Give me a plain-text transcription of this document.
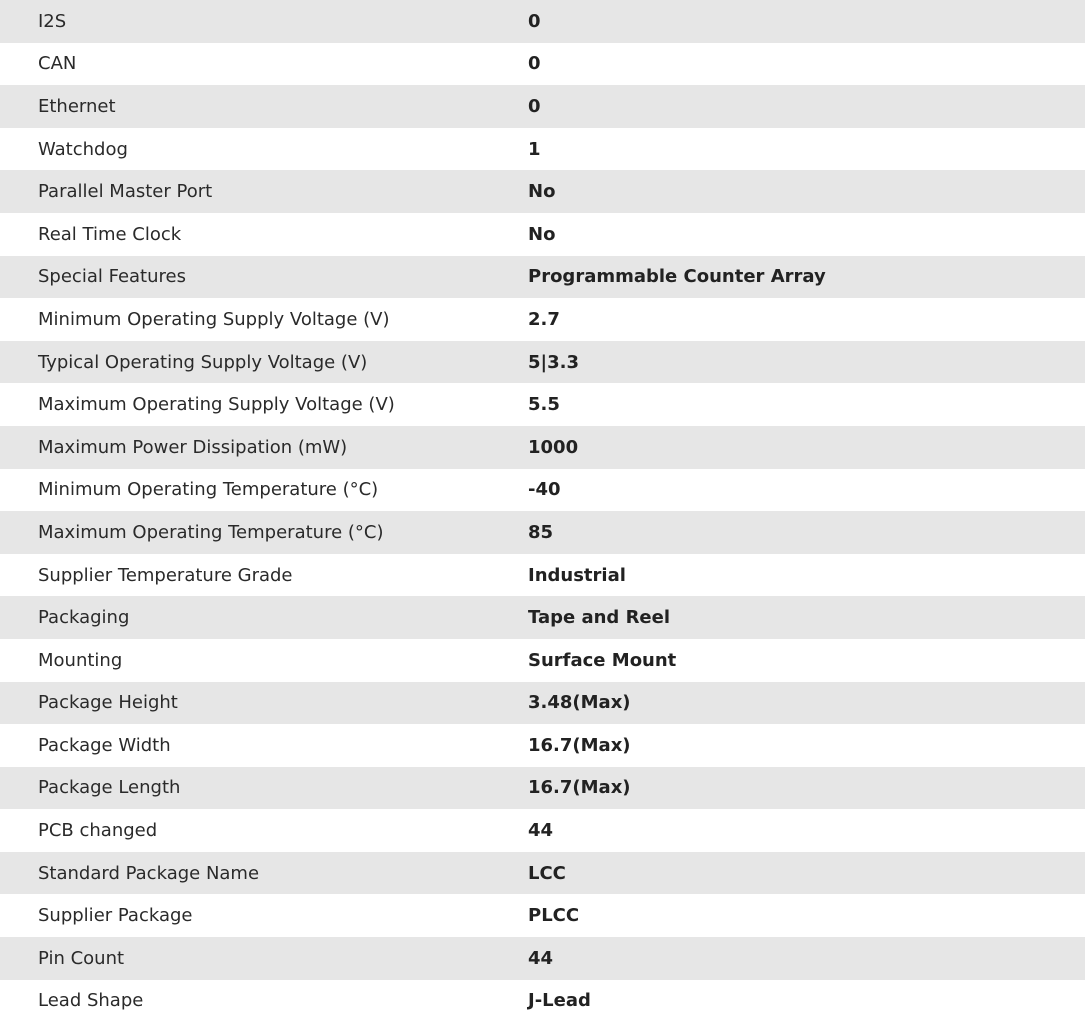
I2S	0
CAN	0
Ethernet	0
Watchdog	1
Parallel Master Port	No
Real Time Clock	No
Special Features	Programmable Counter Array
Minimum Operating Supply Voltage (V)	2.7
Typical Operating Supply Voltage (V)	5|3.3
Maximum Operating Supply Voltage (V)	5.5
Maximum Power Dissipation (mW)	1000
Minimum Operating Temperature (°C)	-40
Maximum Operating Temperature (°C)	85
Supplier Temperature Grade	Industrial
Packaging	Tape and Reel
Mounting	Surface Mount
Package Height	3.48(Max)
Package Width	16.7(Max)
Package Length	16.7(Max)
PCB changed	44
Standard Package Name	LCC
Supplier Package	PLCC
Pin Count	44
Lead Shape	J-Lead
